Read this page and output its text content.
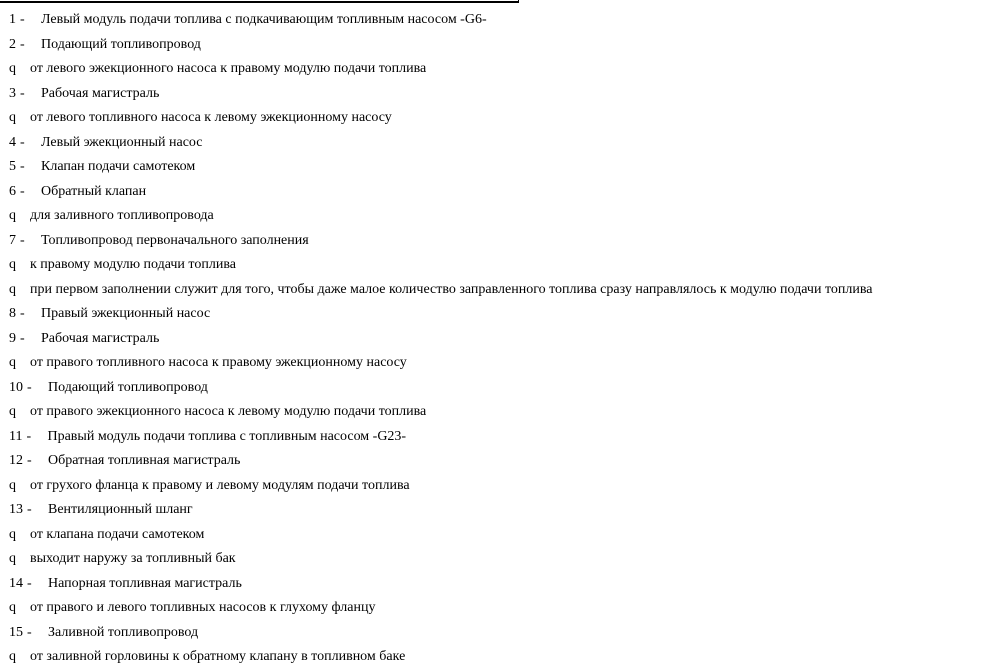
1 -	Левый модуль подачи топлива с подкачивающим топливным насосом -G6-
2 -	Подающий топливопровод
q	от левого эжекционного насоса к правому модулю подачи топлива
3 -	Рабочая магистраль
q	от левого топливного насоса к левому эжекционному насосу
4 -	Левый эжекционный насос
5 -	Клапан подачи самотеком
6 -	Обратный клапан
q	для заливного топливопровода
7 -	Топливопровод первоначального заполнения
q	к правому модулю подачи топлива
q	при первом заполнении служит для того, чтобы даже малое количество заправленного топлива сразу направлялось к модулю подачи топлива
8 -	Правый эжекционный насос
9 -	Рабочая магистраль
q	от правого топливного насоса к правому эжекционному насосу
10 -	Подающий топливопровод
q	от правого эжекционного насоса к левому модулю подачи топлива
11 -	Правый модуль подачи топлива с топливным насосом -G23-
12 -	Обратная топливная магистраль
q	от грухого фланца к правому и левому модулям подачи топлива
13 -	Вентиляционный шланг
q	от клапана подачи самотеком
q	выходит наружу за топливный бак
14 -	Напорная топливная магистраль
q	от правого и левого топливных насосов к глухому фланцу
15 -	Заливной топливопровод
q	от заливной горловины к обратному клапану в топливном баке
